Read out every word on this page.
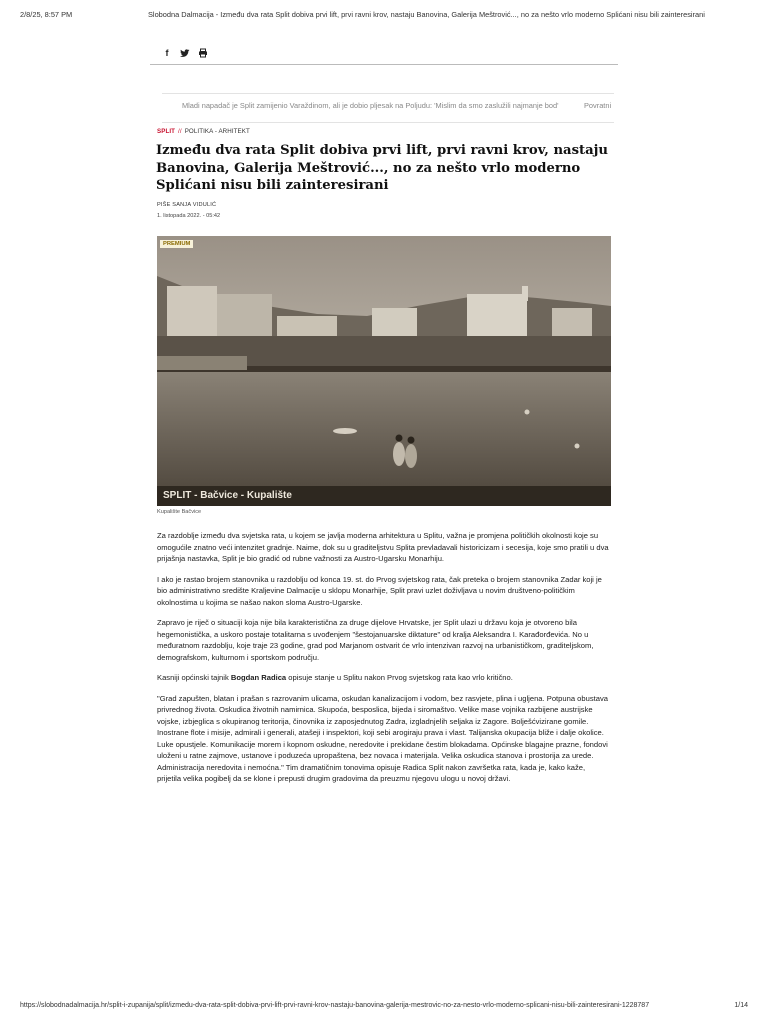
2/8/25, 8:57 PM	Slobodna Dalmacija - Između dva rata Split dobiva prvi lift, prvi ravni krov, nastaju Banovina, Galerija Meštrović..., no za nešto vrlo moderno Splićani nisu bili zainteresirani
f
Mladi napadač je Split zamijenio Varaždinom, ali je dobio pljesak na Poljudu: 'Mislim da smo zaslužili najmanje bod'	Povratni
SPLIT // POLITIKA - ARHITEKT
Između dva rata Split dobiva prvi lift, prvi ravni krov, nastaju Banovina, Galerija Meštrović..., no za nešto vrlo moderno Splićani nisu bili zainteresirani
PIŠE SANJA VIDULIĆ
1. listopada 2022. - 05:42
SPLIT - Bačvice - Kupalište
PREMIUM
Kupalište Bačvice

Za razdoblje između dva svjetska rata, u kojem se javlja moderna arhitektura u Splitu, važna je promjena političkih okolnosti koje su omogućile znatno veći intenzitet gradnje. Naime, dok su u graditeljstvu Splita prevladavali historicizam i secesija, koje smo pratili u dva prijašnja nastavka, Split je bio gradić od rubne važnosti za Austro-Ugarsku Monarhiju.

I ako je rastao brojem stanovnika u razdoblju od konca 19. st. do Prvog svjetskog rata, čak preteka o brojem stanovnika Zadar koji je bio administrativno središte Kraljevine Dalmacije u sklopu Monarhije, Split pravi uzlet doživljava u novim društveno-političkim okolnostima u kojima se našao nakon sloma Austro-Ugarske.

Zapravo je riječ o situaciji koja nije bila karakteristična za druge dijelove Hrvatske, jer Split ulazi u državu koja je otvoreno bila hegemonistička, a uskoro postaje totalitarna s uvođenjem "šestojanuarske diktature" od kralja Aleksandra I. Karađorđevića. No u međuratnom razdoblju, koje traje 23 godine, grad pod Marjanom ostvarit će vrlo intenzivan razvoj na urbanističkom, graditeljskom, demografskom, kulturnom i sportskom području.

Kasniji općinski tajnik Bogdan Radica opisuje stanje u Splitu nakon Prvog svjetskog rata kao vrlo kritično.

"Grad zapušten, blatan i prašan s razrovanim ulicama, oskudan kanalizacijom i vodom, bez rasvjete, plina i ugljena. Potpuna obustava privrednog života. Oskudica životnih namirnica. Skupoća, besposlica, bijeda i siromaštvo. Velike mase vojnika razbijene austrijske vojske, izbjeglica s okupiranog teritorija, činovnika iz zaposjednutog Zadra, izgladnjelih seljaka iz Zagore. Bolješćvizirane gomile. Inostrane flote i misije, admirali i generali, atašeji i inspektori, koji sebi arogiraju prava i vlast. Talijanska okupacija bliže i dalje okolice. Luke opustjele. Komunikacije morem i kopnom oskudne, neredovite i prekidane čestim blokadama. Općinske blagajne prazne, fondovi uloženi u ratne zajmove, ustanove i poduzeća upropaštena, bez novaca i materijala. Velika oskudica stanova i prostorija za urede. Administracija neredovita i nemoćna." Tim dramatičnim tonovima opisuje Radica Split nakon završetka rata, kada je, kako kaže, prijetila velika pogibelj da se klone i prepusti drugim gradovima da preuzmu njegovu ulogu u novoj državi.

https://slobodnadalmacija.hr/split-i-zupanija/split/izmedu-dva-rata-split-dobiva-prvi-lift-prvi-ravni-krov-nastaju-banovina-galerija-mestrovic-no-za-nesto-vrlo-moderno-splicani-nisu-bili-zainteresirani-1228787	1/14
